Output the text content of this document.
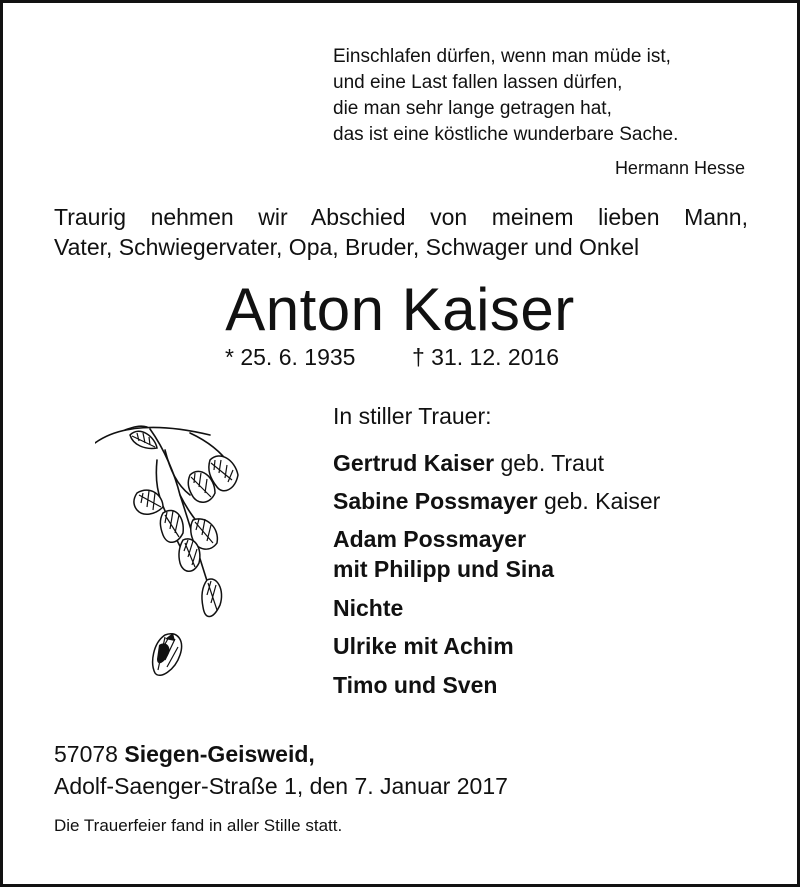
Einschlafen dürfen, wenn man müde ist,
und eine Last fallen lassen dürfen,
die man sehr lange getragen hat,
das ist eine köstliche wunderbare Sache.
Hermann Hesse
Traurig nehmen wir Abschied von meinem lieben Mann,
Vater, Schwiegervater, Opa, Bruder, Schwager und Onkel
Anton Kaiser
* 25. 6. 1935 † 31. 12. 2016
In stiller Trauer:
Gertrud Kaiser geb. Traut
Sabine Possmayer geb. Kaiser
Adam Possmayer
mit Philipp und Sina
Nichte
Ulrike mit Achim
Timo und Sven
57078 Siegen-Geisweid,
Adolf-Saenger-Straße 1, den 7. Januar 2017
Die Trauerfeier fand in aller Stille statt.
